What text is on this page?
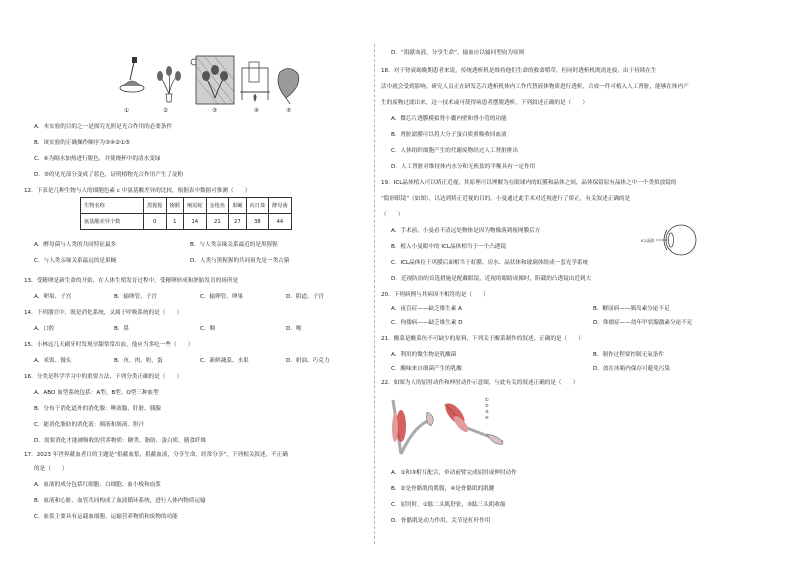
①	②	③	④	⑤
A．本实验的目的之一是探究光照是光合作用的必要条件
B．该实验的正确操作顺序为③④②①⑤
C．④为隔水加热进行脱色，并使烧杯中的清水变绿
D．⑤的见光部分变成了蓝色，证明植物光合作用产生了淀粉
12．下表是几种生物与人的细胞色素 c 中氨基酸差异的比较，根据表中数据可推测（　　）
A．酵母菌与人类的共同特征最多	B．与人类亲缘关系最近的是黑猩猩
C．与人类亲缘关系最远的是果蝇	D．人类与黑猩猩的共同祖先是一类古猿
13．受精卵是新生命的开始，在人体生殖发育过程中，受精卵形成和胚胎发育的场所是
A．卵巢、子宫	B．输卵管、子宫	C．输卵管、卵巢	D．阴道、子宫
14．下列器官中，既是消化系统，又属于呼吸系统的是（　　）
A．口腔	B．鼻	C．咽	D．喉
15．小林这几天刷牙时发现牙龈常常出血，他应当多吃一些（　　）
A．米饭、馒头	B．鱼、肉、奶、蛋	C．新鲜蔬菜、水果	D．奶油、巧克力
16．分类是科学学习中的重要方法，下列分类正确的是（　　）
A．ABO 血型系统包括：A型、B型、O型三种血型
B．分布于消化道外的消化腺：唾液腺、肝脏、胰腺
C．能消化脂肪的消化液：胰液和肠液、胆汁
D．需要消化才能被吸收的营养物质：糖类、脂肪、蛋白质、膳食纤维
17．2023 年世界献血者日的主题是“捐献血浆，捐献血液，分享生命，经常分享”。下列相关叙述，不正确
的是（　　）
A．血液的成分包括红细胞、白细胞、血小板和血浆
B．血液和心脏、血管共同构成了血液循环系统，进行人体内物质运输
C．血浆主要具有运载血细胞，运输营养物质和废物的功能
生物名称	黑猩猩	猕猴	响尾蛇	金枪鱼	果蝇	向日葵	酵母菌
氨基酸差异个数	0	1	14	21	27	38	44
D．“捐献血液，分享生命”，输血应以输同型血为原则
18．对于肾衰竭晚期患者来说，传统透析机是维持他们生命的救命稻草，但同时透析机既需连接，由于持续在生
活中就会受到影响。研究人员正在研发芯片透析机体内工作代替液体物质进行透析，合成一件可植入人工肾脏，能够在体内产
生的废物过滤出来，这一技术或可使得病患者摆脱透析。下列叙述正确的是（　　）
A．微芯片透膜模拟肾小囊内壁和肾小管的功能
B．肾脏滤膜可以将大分子蛋白质重吸收回血液
C．人体组织细胞产生的代谢废物经过人工肾脏排出
D．人工肾脏对维持体内水分和无机盐的平衡具有一定作用
19．ICL晶体植入可以矫正近视，其原理可以理解为在眼球内的虹膜和晶体之间，晶体保留原有晶体之中一个类似放镜的
“隐形眼镜”（如图），以达到矫正近视的目的。小曼通过此手术对近视进行了矫正，有关叙述正确的是
（　　）
A．手术前，小曼看不清远处物体是因为物像落到视网膜后方
B．植入小曼眼中的 ICL晶体相当于一个凸透镜
C．ICL晶体位于巩膜后面相当于虹膜、房水、晶状体和玻璃体组成一套光学系统
D．近视防治的首选措施是配戴眼镜，近视的眼睛成像时，阻截的凸透镜由近到大
20．下列病例与其病因不相符的是（　　）
A．夜盲症——缺乏维生素 A	B．糖尿病——胰岛素分泌不足
C．佝偻病——缺乏维生素 D	D．侏儒症——幼年甲状腺激素分泌不足
21．酸菜是酸菜鱼不可缺少的原料，下列关于酸菜制作的叙述，正确的是（　　）
A．利用的微生物是乳酸菌	B．制作过程要控制无氧条件
C．酸味来自细菌产生的乳酸	D．放在冰箱内保存可避免污染
22．如图为人的屈肘动作和伸肘动作示意图，与此有关的叙述正确的是（　　）
A．①和③相互配合，牵动前臂完成屈肘或伸肘动作
B．②是骨骼肌的肌腹，④是骨骼肌的肌腱
C．屈肘时，①肱二头肌舒张，③肱三头肌收缩
D．骨骼肌是动力作用，关节是杠杆作用
ICL晶体
①
②
③
④
